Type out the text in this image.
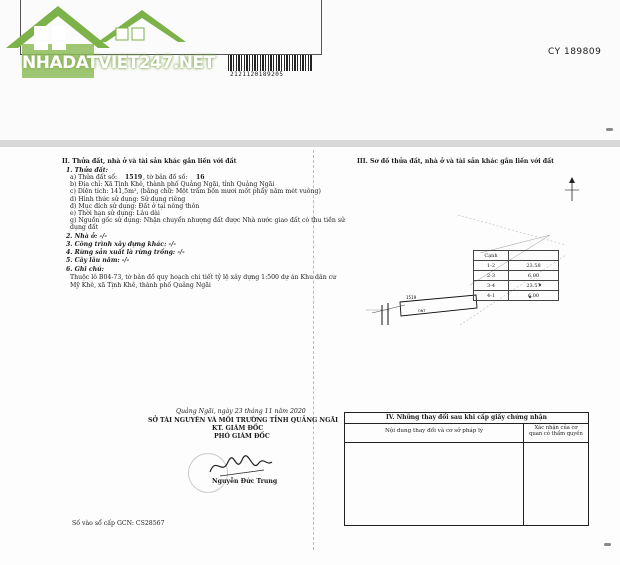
2121120189205
CY 189809
NHADATVIET247.NET
II. Thửa đất, nhà ở và tài sản khác gắn liền với đất
1. Thửa đất:
a) Thửa đất số: 1519 , tờ bản đồ số: 16
b) Địa chỉ: Xã Tịnh Khê, thành phố Quảng Ngãi, tỉnh Quảng Ngãi
c) Diện tích: 141,5m², (bằng chữ: Một trăm bốn mươi mốt phẩy năm mét vuông)
d) Hình thức sử dụng: Sử dụng riêng
đ) Mục đích sử dụng: Đất ở tại nông thôn
e) Thời hạn sử dụng: Lâu dài
g) Nguồn gốc sử dụng: Nhận chuyển nhượng đất được Nhà nước giao đất có thu tiền sử
dụng đất
2. Nhà ở: -/-
3. Công trình xây dựng khác: -/-
4. Rừng sản xuất là rừng trồng: -/-
5. Cây lâu năm: -/-
6. Ghi chú:
Thuộc lô B04-73, tờ bản đồ quy hoạch chi tiết tỷ lệ xây dựng 1:500 dự án Khu dân cư
Mỹ Khê, xã Tịnh Khê, thành phố Quảng Ngãi
Quảng Ngãi, ngày 23 tháng 11 năm 2020
SỞ TÀI NGUYÊN VÀ MÔI TRƯỜNG TỈNH QUẢNG NGÃI
KT. GIÁM ĐỐC
PHÓ GIÁM ĐỐC
Nguyễn Đức Trung
Số vào sổ cấp GCN: CS28567
III. Sơ đồ thửa đất, nhà ở và tài sản khác gắn liền với đất
1519
ONT
Cạnh	
1-2	23.58
2-3	6.00
3-4	23.57
4-1	6.00
IV. Những thay đổi sau khi cấp giấy chứng nhận
Nội dung thay đổi và cơ sở pháp lý	Xác nhận của cơ quan có thẩm quyền
